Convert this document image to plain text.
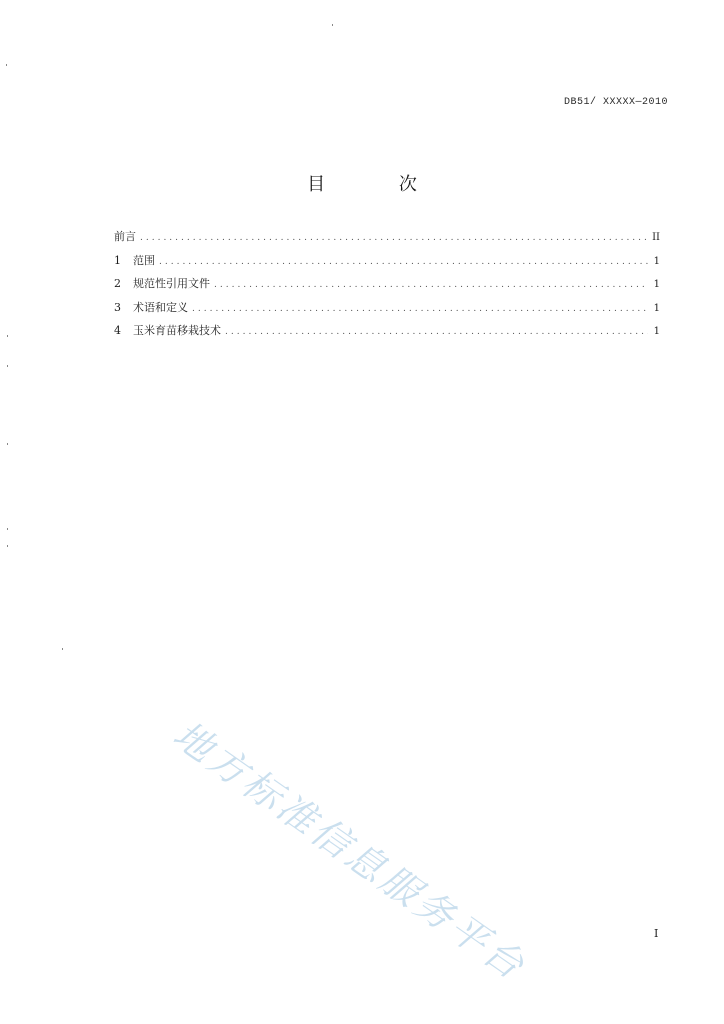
DB51/ XXXXX—2010
目 次
前言 .....	II
1	范围 .....	1
2	规范性引用文件 .....	1
3	术语和定义 .....	1
4	玉米育苗移栽技术 .....	1
地方标准信息服务平台	I
